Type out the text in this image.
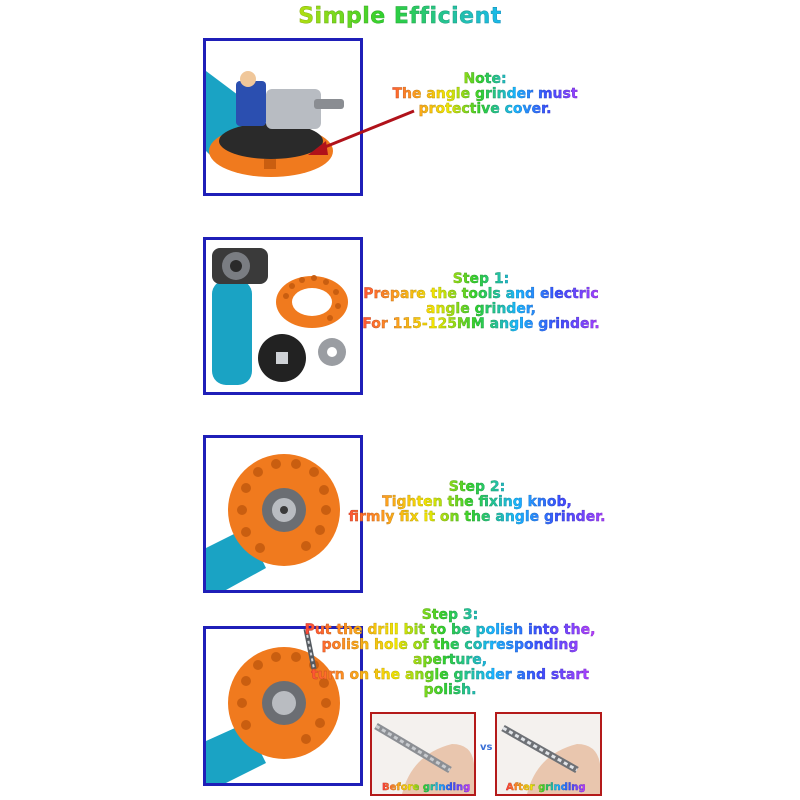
Simple Efficient
Note:
The angle grinder must
protective cover.
Step 1:
Prepare the tools and electric
angle grinder,
For 115-125MM angle grinder.
Step 2:
Tighten the fixing knob,
firmly fix it on the angle grinder.
Step 3:
Put the drill bit to be polish into the,
polish hole of the corresponding
aperture,
turn on the angle grinder and start
polish.
vs
Before grinding	After grinding
